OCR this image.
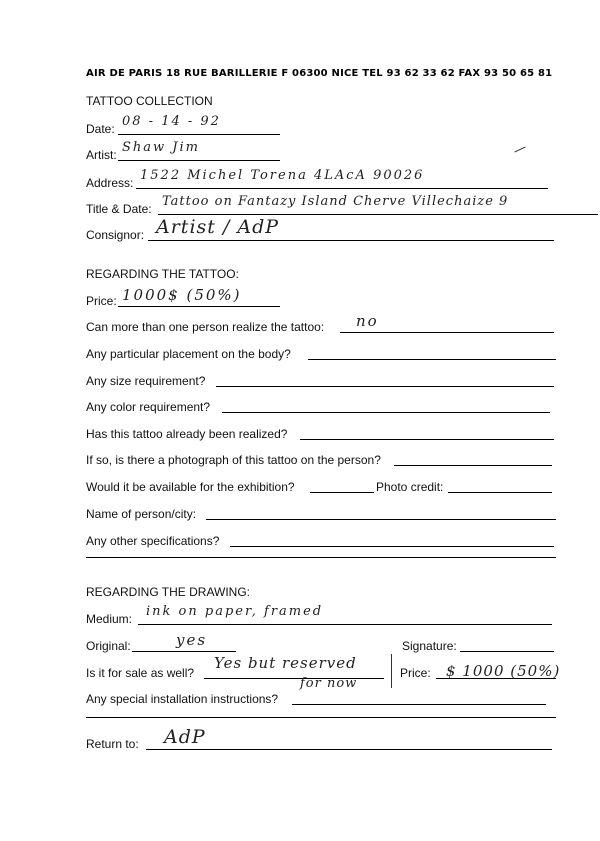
AIR DE PARIS 18 RUE BARILLERIE F 06300 NICE TEL 93 62 33 62 FAX 93 50 65 81
TATTOO COLLECTION
Date: 08 - 14 - 92
Artist: Shaw Jim
Address: 1522 Michel Torena 4LAcA 90026
Title & Date: Tattoo on Fantazy Island Cherve Villechaize 9
Consignor: Artist / AdP
REGARDING THE TATTOO:
Price: 1000$ (50%)
Can more than one person realize the tattoo: no
Any particular placement on the body?
Any size requirement?
Any color requirement?
Has this tattoo already been realized?
If so, is there a photograph of this tattoo on the person?
Would it be available for the exhibition?	Photo credit:
Name of person/city:
Any other specifications?
REGARDING THE DRAWING:
Medium: ink on paper, framed
Original:	yes	Signature:
Is it for sale as well?
Yes but reserved
for now
Price: $ 1000 (50%)
Any special installation instructions?
Return to: AdP
